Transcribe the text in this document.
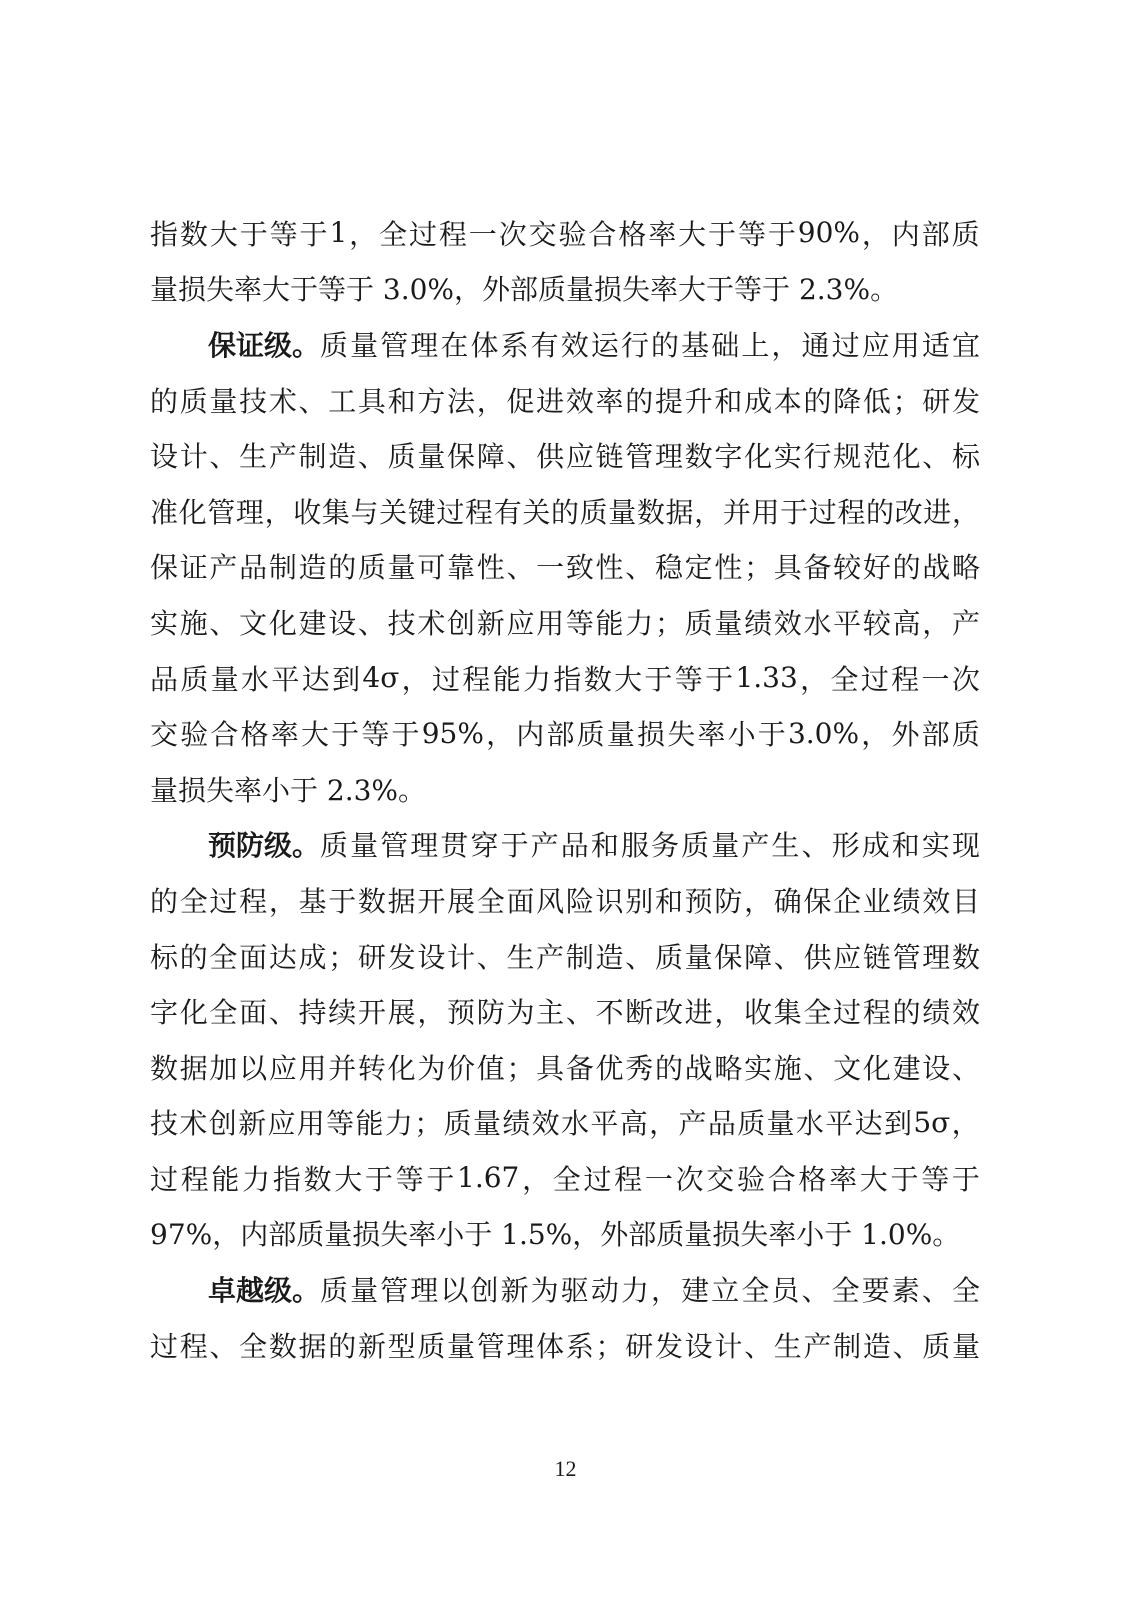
指 数 大 于 等 于 1 ， 全 过 程 一 次 交 验 合 格 率 大 于 等 于 90% ， 内 部 质
量损失率大于等于 3.0%，外部质量损失率大于等于 2.3%。
保证级。 质 量 管 理 在 体 系 有 效 运 行 的 基 础 上 ， 通 过 应 用 适 宜
的 质 量 技 术 、 工 具 和 方 法 ， 促 进 效 率 的 提 升 和 成 本 的 降 低 ； 研 发
设 计 、 生 产 制 造 、 质 量 保 障 、 供 应 链 管 理 数 字 化 实 行 规 范 化 、 标
准 化 管 理 ， 收 集 与 关 键 过 程 有 关 的 质 量 数 据 ， 并 用 于 过 程 的 改 进 ，
保 证 产 品 制 造 的 质 量 可 靠 性 、 一 致 性 、 稳 定 性 ； 具 备 较 好 的 战 略
实 施 、 文 化 建 设 、 技 术 创 新 应 用 等 能 力 ； 质 量 绩 效 水 平 较 高 ， 产
品 质 量 水 平 达 到 4σ ， 过 程 能 力 指 数 大 于 等 于 1.33 ， 全 过 程 一 次
交 验 合 格 率 大 于 等 于 95% ， 内 部 质 量 损 失 率 小 于 3.0% ， 外 部 质
量损失率小于 2.3%。
预防级。 质 量 管 理 贯 穿 于 产 品 和 服 务 质 量 产 生 、 形 成 和 实 现
的 全 过 程 ， 基 于 数 据 开 展 全 面 风 险 识 别 和 预 防 ， 确 保 企 业 绩 效 目
标 的 全 面 达 成 ； 研 发 设 计 、 生 产 制 造 、 质 量 保 障 、 供 应 链 管 理 数
字 化 全 面 、 持 续 开 展 ， 预 防 为 主 、 不 断 改 进 ， 收 集 全 过 程 的 绩 效
数 据 加 以 应 用 并 转 化 为 价 值 ； 具 备 优 秀 的 战 略 实 施 、 文 化 建 设 、
技 术 创 新 应 用 等 能 力 ； 质 量 绩 效 水 平 高 ， 产 品 质 量 水 平 达 到 5σ ，
过 程 能 力 指 数 大 于 等 于 1.67 ， 全 过 程 一 次 交 验 合 格 率 大 于 等 于
97%，内部质量损失率小于 1.5%，外部质量损失率小于 1.0%。
卓越级。 质 量 管 理 以 创 新 为 驱 动 力 ， 建 立 全 员 、 全 要 素 、 全
过 程 、 全 数 据 的 新 型 质 量 管 理 体 系 ； 研 发 设 计 、 生 产 制 造 、 质 量
12
